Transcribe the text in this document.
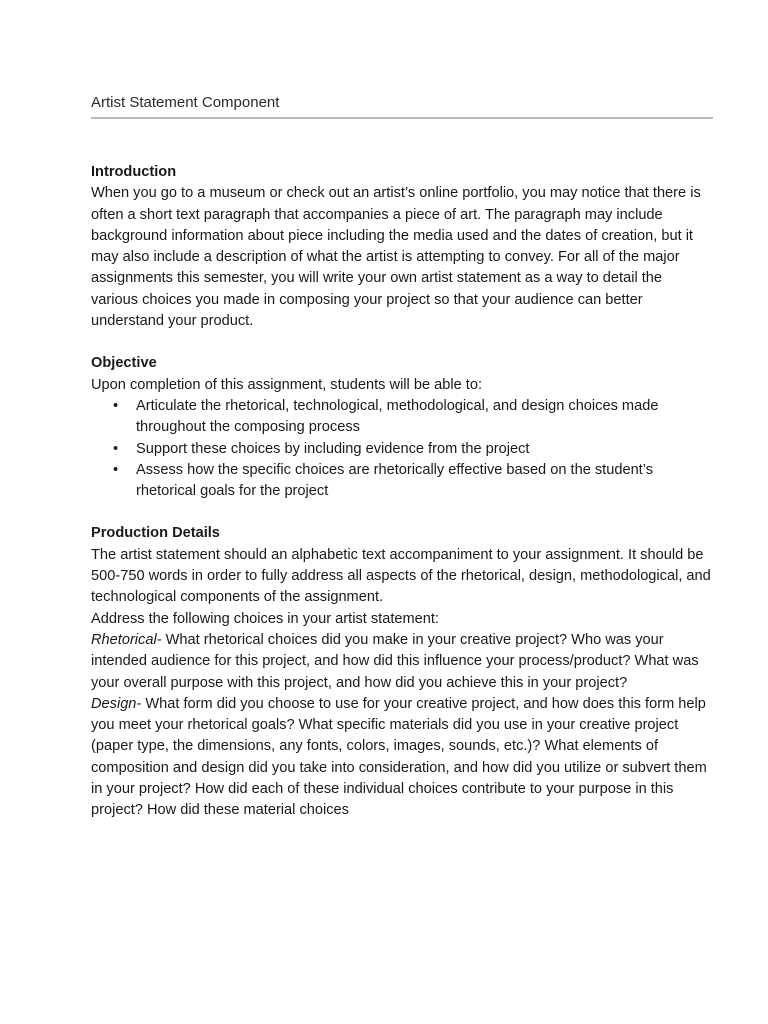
Artist Statement Component

Introduction

When you go to a museum or check out an artist’s online portfolio, you may notice that there is often a short text paragraph that accompanies a piece of art. The paragraph may include background information about piece including the media used and the dates of creation, but it may also include a description of what the artist is attempting to convey. For all of the major assignments this semester, you will write your own artist statement as a way to detail the various choices you made in composing your project so that your audience can better understand your product.

Objective

Upon completion of this assignment, students will be able to:

• Articulate the rhetorical, technological, methodological, and design choices made throughout the composing process
• Support these choices by including evidence from the project
• Assess how the specific choices are rhetorically effective based on the student’s rhetorical goals for the project

Production Details

The artist statement should an alphabetic text accompaniment to your assignment. It should be 500-750 words in order to fully address all aspects of the rhetorical, design, methodological, and technological components of the assignment.

Address the following choices in your artist statement:

Rhetorical- What rhetorical choices did you make in your creative project? Who was your intended audience for this project, and how did this influence your process/product? What was your overall purpose with this project, and how did you achieve this in your project?

Design- What form did you choose to use for your creative project, and how does this form help you meet your rhetorical goals? What specific materials did you use in your creative project (paper type, the dimensions, any fonts, colors, images, sounds, etc.)? What elements of composition and design did you take into consideration, and how did you utilize or subvert them in your project? How did each of these individual choices contribute to your purpose in this project? How did these material choices
